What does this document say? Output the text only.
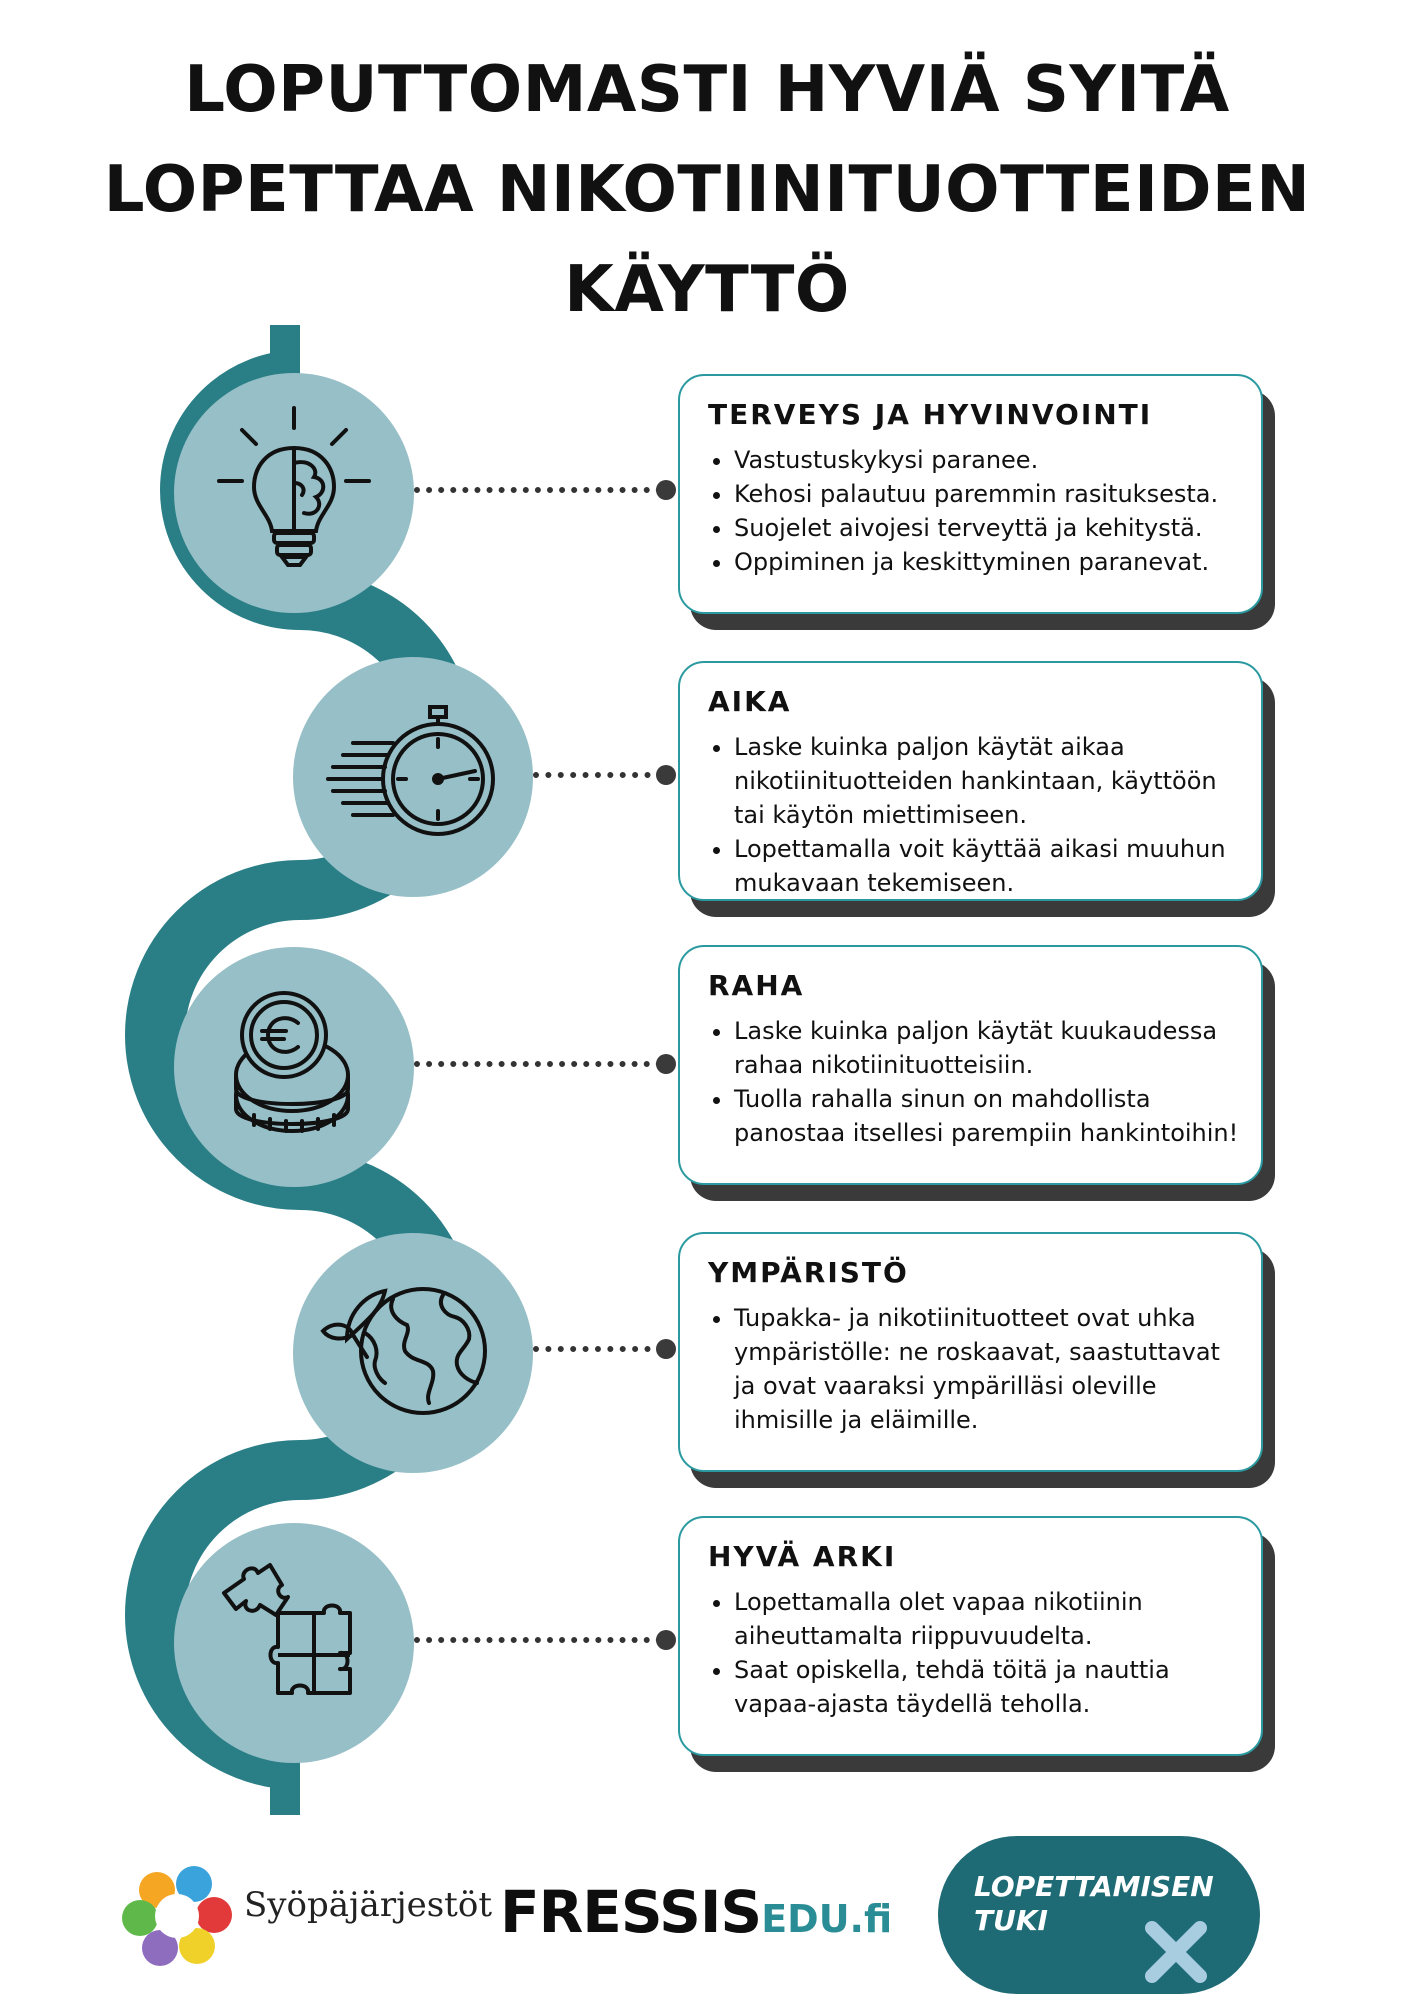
LOPUTTOMASTI HYVIÄ SYITÄ
LOPETTAA NIKOTIINITUOTTEIDEN
KÄYTTÖ
TERVEYS JA HYVINVOINTI
• Vastustuskykysi paranee.
• Kehosi palautuu paremmin rasituksesta.
• Suojelet aivojesi terveyttä ja kehitystä.
• Oppiminen ja keskittyminen paranevat.
AIKA
• Laske kuinka paljon käytät aikaa nikotiinituotteiden hankintaan, käyttöön tai käytön miettimiseen.
• Lopettamalla voit käyttää aikasi muuhun mukavaan tekemiseen.
RAHA
• Laske kuinka paljon käytät kuukaudessa rahaa nikotiinituotteisiin.
• Tuolla rahalla sinun on mahdollista panostaa itsellesi parempiin hankintoihin!
YMPÄRISTÖ
• Tupakka- ja nikotiinituotteet ovat uhka ympäristölle: ne roskaavat, saastuttavat ja ovat vaaraksi ympärilläsi oleville ihmisille ja eläimille.
HYVÄ ARKI
• Lopettamalla olet vapaa nikotiinin aiheuttamalta riippuvuudelta.
• Saat opiskella, tehdä töitä ja nauttia vapaa-ajasta täydellä teholla.
Syöpäjärjestöt FRESSISEDU.fi
LOPETTAMISEN
TUKI
